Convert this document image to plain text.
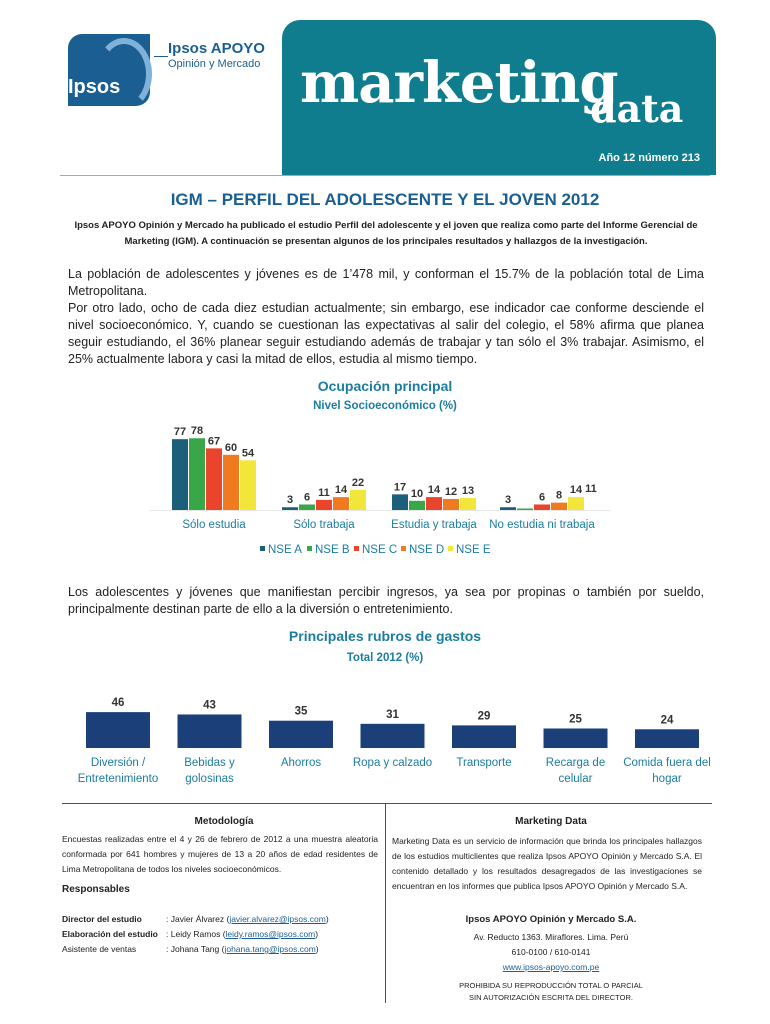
Ipsos
Ipsos APOYO
Opinión y Mercado marketing
data
Año 12 número 213
IGM – PERFIL DEL ADOLESCENTE Y EL JOVEN 2012
Ipsos APOYO Opinión y Mercado ha publicado el estudio Perfil del adolescente y el joven que realiza como parte del Informe Gerencial de Marketing (IGM). A continuación se presentan algunos de los principales resultados y hallazgos de la investigación.
La población de adolescentes y jóvenes es de 1’478 mil, y conforman el 15.7% de la población total de Lima Metropolitana.
Por otro lado, ocho de cada diez estudian actualmente; sin embargo, ese indicador cae conforme desciende el nivel socioeconómico. Y, cuando se cuestionan las expectativas al salir del colegio, el 58% afirma que planea seguir estudiando, el 36% planear seguir estudiando además de trabajar y tan sólo el 3% trabajar. Asimismo, el 25% actualmente labora y casi la mitad de ellos, estudia al mismo tiempo.
Ocupación principal
Nivel Socioeconómico (%)
77 78
67
60 54
Sólo estudia
3 6 11 14
22
Sólo trabaja
17
10 14 12 13
Estudia y trabaja
3	6 8 14
No estudia ni trabaja
11
NSE A NSE B NSE C NSE D NSE E
Los adolescentes y jóvenes que manifiestan percibir ingresos, ya sea por propinas o también por sueldo, principalmente destinan parte de ello a la diversión o entretenimiento.
Principales rubros de gastos
Total 2012 (%)
46
Diversión /
Entretenimiento
43
Bebidas y
golosinas
35
Ahorros
31
Ropa y calzado
29
Transporte
25
Recarga de
celular
24
Comida fuera del
hogar
Metodología
Encuestas realizadas entre el 4 y 26 de febrero de 2012 a una muestra aleatoria conformada por 641 hombres y mujeres de 13 a 20 años de edad residentes de Lima Metropolitana de todos los niveles socioeconómicos.
Responsables
Director del estudio	: Javier Álvarez (javier.alvarez@ipsos.com)
Elaboración del estudio : Leidy Ramos (leidy.ramos@ipsos.com)
Asistente de ventas	: Johana Tang (johana.tang@ipsos.com)
Marketing Data
Marketing Data es un servicio de información que brinda los principales hallazgos de los estudios multiclientes que realiza Ipsos APOYO Opinión y Mercado S.A. El contenido detallado y los resultados desagregados de las investigaciones se encuentran en los informes que publica Ipsos APOYO Opinión y Mercado S.A.
Ipsos APOYO Opinión y Mercado S.A.
Av. Reducto 1363. Miraflores. Lima. Perú
610-0100 / 610-0141
www.ipsos-apoyo.com.pe
PROHIBIDA SU REPRODUCCIÓN TOTAL O PARCIAL
SIN AUTORIZACIÓN ESCRITA DEL DIRECTOR.
